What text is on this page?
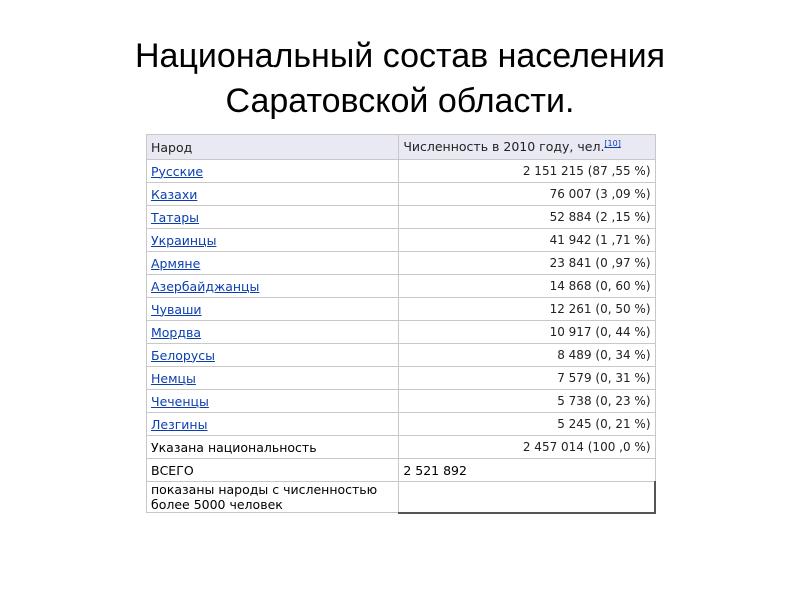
Национальный состав населения
Саратовской области.
Народ	Численность в 2010 году, чел.[10]
Русские	2 151 215 (87 ,55 %)
Казахи	76 007 (3 ,09 %)
Татары	52 884 (2 ,15 %)
Украинцы	41 942 (1 ,71 %)
Армяне	23 841 (0 ,97 %)
Азербайджанцы	14 868 (0, 60 %)
Чуваши	12 261 (0, 50 %)
Мордва	10 917 (0, 44 %)
Белорусы	8 489 (0, 34 %)
Немцы	7 579 (0, 31 %)
Чеченцы	5 738 (0, 23 %)
Лезгины	5 245 (0, 21 %)
Указана национальность	2 457 014 (100 ,0 %)
ВСЕГО	2 521 892
показаны народы с численностью более 5000 человек	
